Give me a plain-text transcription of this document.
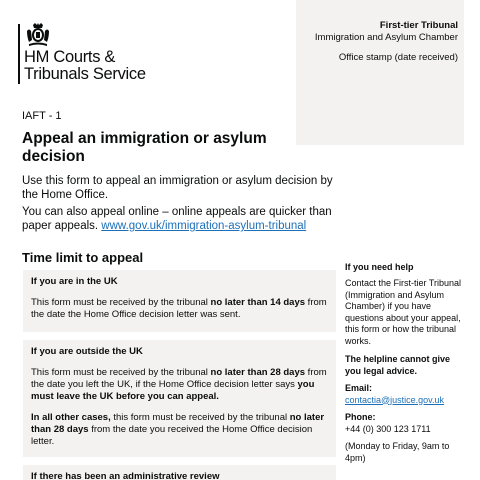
HM Courts &
Tribunals Service
First-tier Tribunal
Immigration and Asylum Chamber
Office stamp (date received)
IAFT - 1
Appeal an immigration or asylum decision

Use this form to appeal an immigration or asylum decision by the Home Office.

You can also appeal online – online appeals are quicker than paper appeals. www.gov.uk/immigration-asylum-tribunal

Time limit to appeal
If you are in the UK

This form must be received by the tribunal no later than 14 days from the date the Home Office decision letter was sent.

If you are outside the UK

This form must be received by the tribunal no later than 28 days from the date you left the UK, if the Home Office decision letter says you must leave the UK before you can appeal.

In all other cases, this form must be received by the tribunal no later than 28 days from the date you received the Home Office decision letter.

If there has been an administrative review
If you need help
Contact the First-tier Tribunal (Immigration and Asylum Chamber) if you have questions about your appeal, this form or how the tribunal works.
The helpline cannot give you legal advice.
Email:
contactia@justice.gov.uk
Phone:
+44 (0) 300 123 1711
(Monday to Friday, 9am to 4pm)
